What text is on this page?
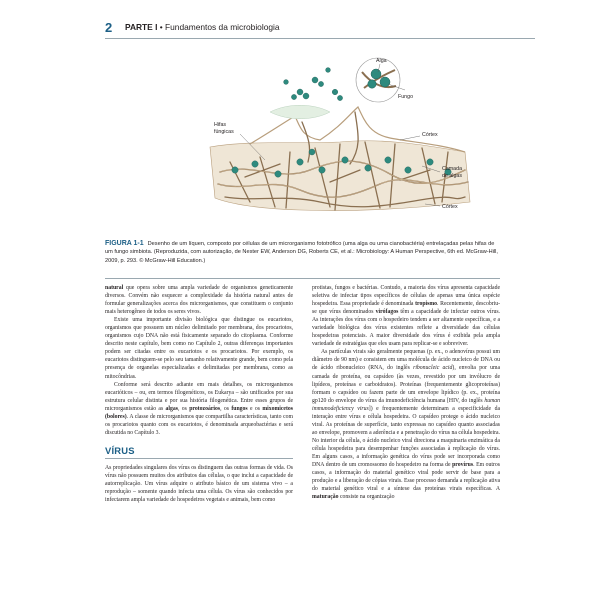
2 PARTE I • Fundamentos da microbiologia
Alga
Fungo
Hifas
fúngicas	Córtex
Camada
de algas
Córtex
FIGURA 1-1 Desenho de um líquen, composto por células de um microrganismo fototrófico (uma alga ou uma cianobactéria) entrelaçadas pelas hifas de um fungo simbiota. (Reproduzida, com autorização, de Nester EW, Anderson DG, Roberts CE, et al.: Microbiology: A Human Perspective, 6th ed. McGraw-Hill, 2009, p. 293. © McGraw-Hill Education.)

natural que opera sobre uma ampla variedade de organismos geneticamente diversos. Convém não esquecer a complexidade da história natural antes de formular generalizações acerca dos microrganismos, que constituem o conjunto mais heterogêneo de todos os seres vivos.

Existe uma importante divisão biológica que distingue os eucariotos, organismos que possuem um núcleo delimitado por membrana, dos procariotos, organismos cujo DNA não está fisicamente separado do citoplasma. Conforme descrito neste capítulo, bem como no Capítulo 2, outras diferenças importantes podem ser citadas entre os eucariotos e os procariotos. Por exemplo, os eucariotos distinguem-se pelo seu tamanho relativamente grande, bem como pela presença de organelas especializadas e delimitadas por membrana, como as mitocôndrias.

Conforme será descrito adiante em mais detalhes, os microrganismos eucarióticos – ou, em termos filogenéticos, os Eukarya – são unificados por sua estrutura celular distinta e por sua história filogenética. Entre esses grupos de microrganismos estão as algas, os protozoários, os fungos e os mixomicetos (bolores). A classe de microrganismos que compartilha características, tanto com os procariotos quanto com os eucariotos, é denominada arqueobactérias e será discutida no Capítulo 3.

VÍRUS

As propriedades singulares dos vírus os distinguem das outras formas de vida. Os vírus não possuem muitos dos atributos das células, o que inclui a capacidade de autorreplicação. Um vírus adquire o atributo básico de um sistema vivo – a reprodução – somente quando infecta uma célula. Os vírus são conhecidos por infectarem ampla variedade de hospedeiros vegetais e animais, bem como

protistas, fungos e bactérias. Contudo, a maioria dos vírus apresenta capacidade seletiva de infectar tipos específicos de células de apenas uma única espécie hospedeira. Essa propriedade é denominada tropismo. Recentemente, descobriu-se que vírus denominados virófagos têm a capacidade de infectar outros vírus. As interações dos vírus com o hospedeiro tendem a ser altamente específicas, e a variedade biológica dos vírus existentes reflete a diversidade das células hospedeiras potenciais. A maior diversidade dos vírus é exibida pela ampla variedade de estratégias que eles usam para replicar-se e sobreviver.

As partículas virais são geralmente pequenas (p. ex., o adenovírus possui um diâmetro de 90 nm) e consistem em uma molécula de ácido nucleico de DNA ou de ácido ribonucleico (RNA, do inglês ribonucleic acid), envolta por uma camada de proteína, ou capsídeo (às vezes, revestido por um invólucro de lipídeos, proteínas e carboidratos). Proteínas (frequentemente glicoproteínas) formam o capsídeo ou fazem parte de um envelope lipídico (p. ex., proteína gp120 do envelope do vírus da imunodeficiência humana [HIV, do inglês human immunodeficiency virus]) e frequentemente determinam a especificidade da interação entre vírus e célula hospedeira. O capsídeo protege o ácido nucleico viral. As proteínas de superfície, tanto expressas no capsídeo quanto associadas ao envelope, promovem a aderência e a penetração do vírus na célula hospedeira. No interior da célula, o ácido nucleico viral direciona a maquinaria enzimática da célula hospedeira para desempenhar funções associadas à replicação do vírus. Em alguns casos, a informação genética do vírus pode ser incorporada como DNA dentro de um cromossomo do hospedeiro na forma de provírus. Em outros casos, a informação do material genético viral pode servir de base para a produção e a liberação de cópias virais. Esse processo demanda a replicação ativa do material genético viral e a síntese das proteínas virais específicas. A maturação consiste na organização
